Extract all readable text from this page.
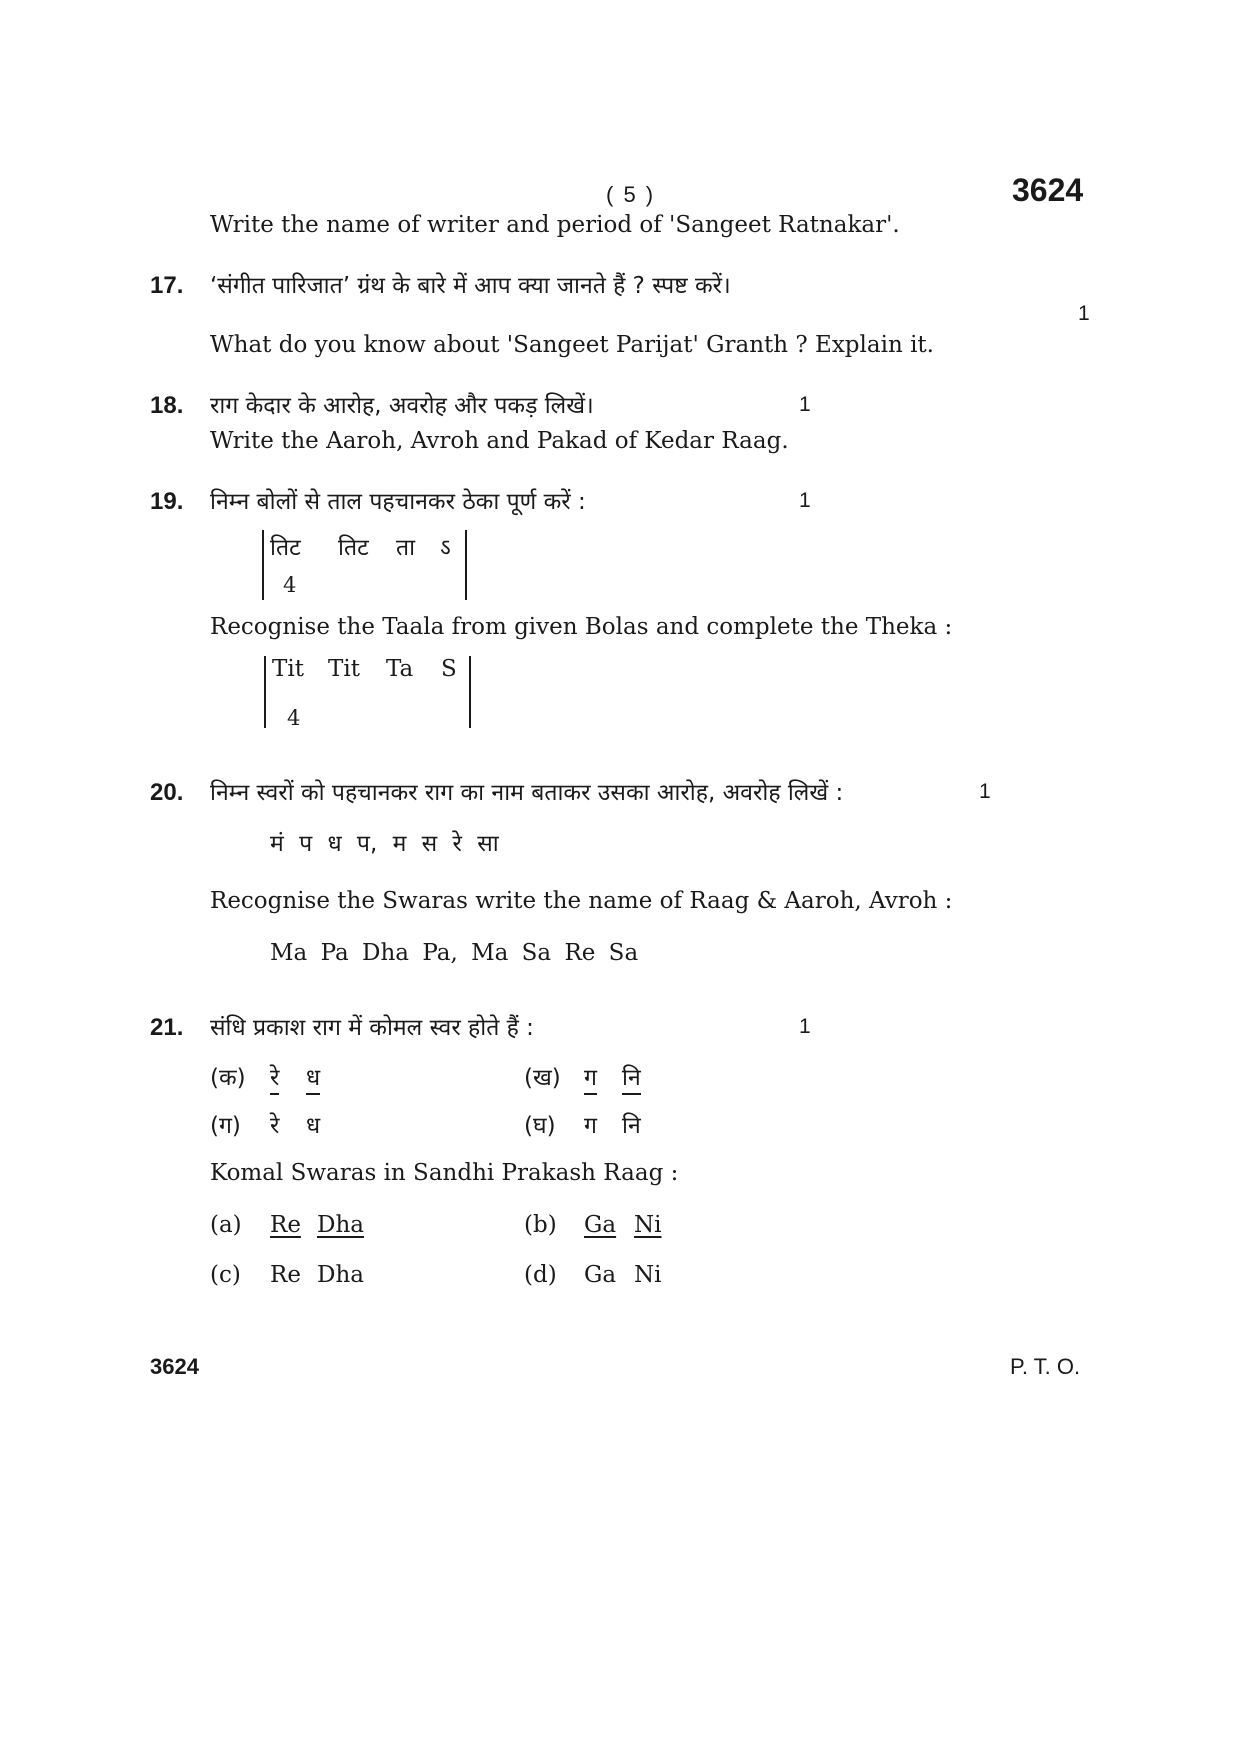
( 5 )	3624
Write the name of writer and period of 'Sangeet Ratnakar'.
17. ‘संगीत पारिजात’ ग्रंथ के बारे में आप क्या जानते हैं ? स्पष्ट करें।
1
What do you know about 'Sangeet Parijat' Granth ? Explain it.
18. राग केदार के आरोह, अवरोह और पकड़ लिखें।	1
Write the Aaroh, Avroh and Pakad of Kedar Raag.
19. निम्न बोलों से ताल पहचानकर ठेका पूर्ण करें :	1
तिट तिट ता ऽ
4
Recognise the Taala from given Bolas and complete the Theka :
Tit Tit Ta S
4
20. निम्न स्वरों को पहचानकर राग का नाम बताकर उसका आरोह, अवरोह लिखें :	1
मं प ध प, म स रे सा
Recognise the Swaras write the name of Raag & Aaroh, Avroh :
Ma Pa Dha Pa, Ma Sa Re Sa
21. संधि प्रकाश राग में कोमल स्वर होते हैं :	1
(क) रे ध	(ख) ग नि
(ग) रे ध	(घ) ग नि
Komal Swaras in Sandhi Prakash Raag :
(a) Re Dha	(b) Ga Ni
(c) Re Dha	(d) Ga Ni
3624	P. T. O.
